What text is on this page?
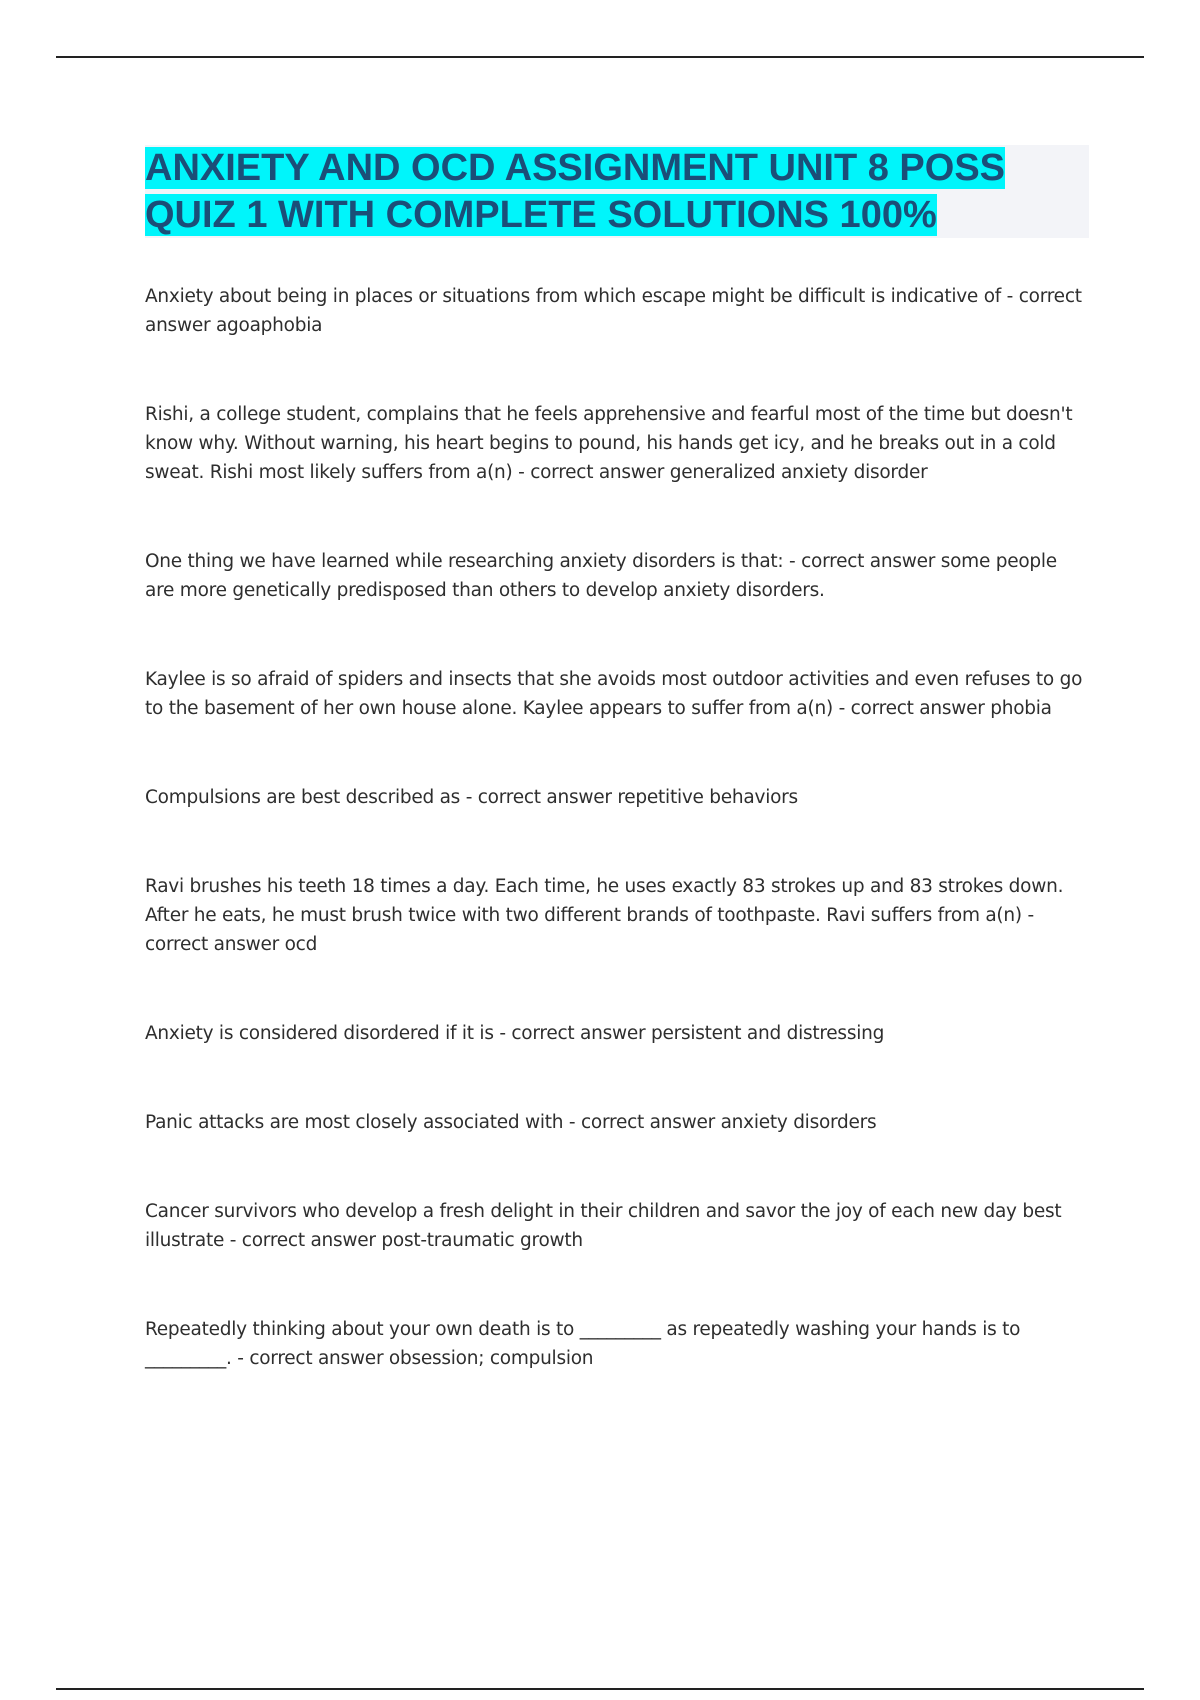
ANXIETY AND OCD ASSIGNMENT UNIT 8 POSS
QUIZ 1 WITH COMPLETE SOLUTIONS 100%
Anxiety about being in places or situations from which escape might be difficult is indicative of - correct answer agoaphobia
Rishi, a college student, complains that he feels apprehensive and fearful most of the time but doesn't know why. Without warning, his heart begins to pound, his hands get icy, and he breaks out in a cold sweat. Rishi most likely suffers from a(n) - correct answer generalized anxiety disorder
One thing we have learned while researching anxiety disorders is that: - correct answer some people are more genetically predisposed than others to develop anxiety disorders.
Kaylee is so afraid of spiders and insects that she avoids most outdoor activities and even refuses to go to the basement of her own house alone. Kaylee appears to suffer from a(n) - correct answer phobia
Compulsions are best described as - correct answer repetitive behaviors
Ravi brushes his teeth 18 times a day. Each time, he uses exactly 83 strokes up and 83 strokes down. After he eats, he must brush twice with two different brands of toothpaste. Ravi suffers from a(n) - correct answer ocd
Anxiety is considered disordered if it is - correct answer persistent and distressing
Panic attacks are most closely associated with - correct answer anxiety disorders
Cancer survivors who develop a fresh delight in their children and savor the joy of each new day best illustrate - correct answer post-traumatic growth
Repeatedly thinking about your own death is to _________ as repeatedly washing your hands is to _________. - correct answer obsession; compulsion
